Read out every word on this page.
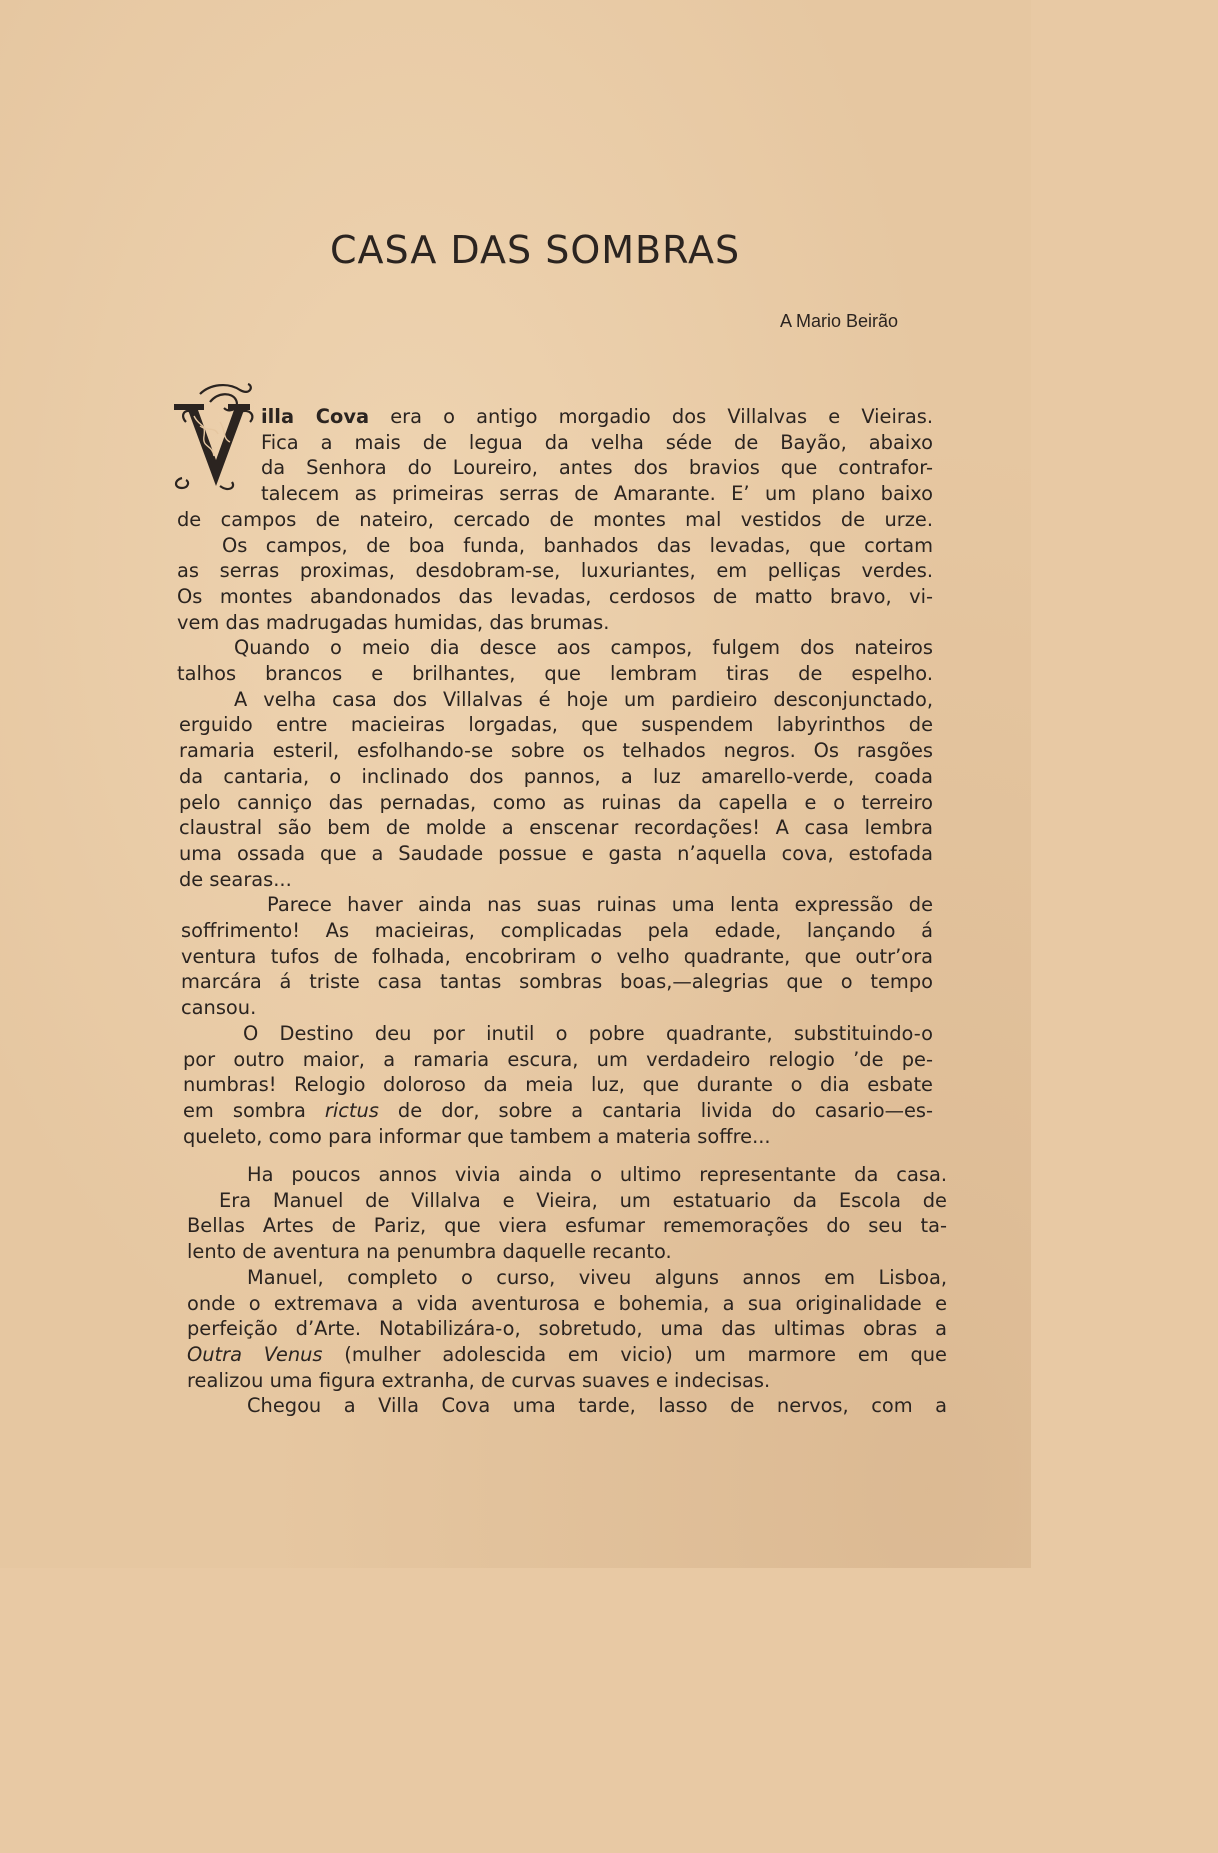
CASA DAS SOMBRAS
A Mario Beirão
V
illa Cova era o antigo morgadio dos Villalvas e Vieiras.
Fica a mais de legua da velha séde de Bayão, abaixo
da Senhora do Loureiro, antes dos bravios que contrafor-
talecem as primeiras serras de Amarante. E’ um plano baixo
de campos de nateiro, cercado de montes mal vestidos de urze.
Os campos, de boa funda, banhados das levadas, que cortam
as serras proximas, desdobram-se, luxuriantes, em pelliças verdes.
Os montes abandonados das levadas, cerdosos de matto bravo, vi-
vem das madrugadas humidas, das brumas.
Quando o meio dia desce aos campos, fulgem dos nateiros
talhos brancos e brilhantes, que lembram tiras de espelho.
A velha casa dos Villalvas é hoje um pardieiro desconjunctado,
erguido entre macieiras lorgadas, que suspendem labyrinthos de
ramaria esteril, esfolhando-se sobre os telhados negros. Os rasgões
da cantaria, o inclinado dos pannos, a luz amarello-verde, coada
pelo canniço das pernadas, como as ruinas da capella e o terreiro
claustral são bem de molde a enscenar recordações! A casa lembra
uma ossada que a Saudade possue e gasta n’aquella cova, estofada
de searas...
Parece haver ainda nas suas ruinas uma lenta expressão de
soffrimento! As macieiras, complicadas pela edade, lançando á
ventura tufos de folhada, encobriram o velho quadrante, que outr’ora
marcára á triste casa tantas sombras boas,—alegrias que o tempo
cansou.
O Destino deu por inutil o pobre quadrante, substituindo-o
por outro maior, a ramaria escura, um verdadeiro relogio ’de pe-
numbras! Relogio doloroso da meia luz, que durante o dia esbate
em sombra rictus de dor, sobre a cantaria livida do casario—es-
queleto, como para informar que tambem a materia soffre...
Ha poucos annos vivia ainda o ultimo representante da casa.
Era Manuel de Villalva e Vieira, um estatuario da Escola de
Bellas Artes de Pariz, que viera esfumar rememorações do seu ta-
lento de aventura na penumbra daquelle recanto.
Manuel, completo o curso, viveu alguns annos em Lisboa,
onde o extremava a vida aventurosa e bohemia, a sua originalidade e
perfeição d’Arte. Notabilizára-o, sobretudo, uma das ultimas obras a
Outra Venus (mulher adolescida em vicio) um marmore em que
realizou uma figura extranha, de curvas suaves e indecisas.
Chegou a Villa Cova uma tarde, lasso de nervos, com a
